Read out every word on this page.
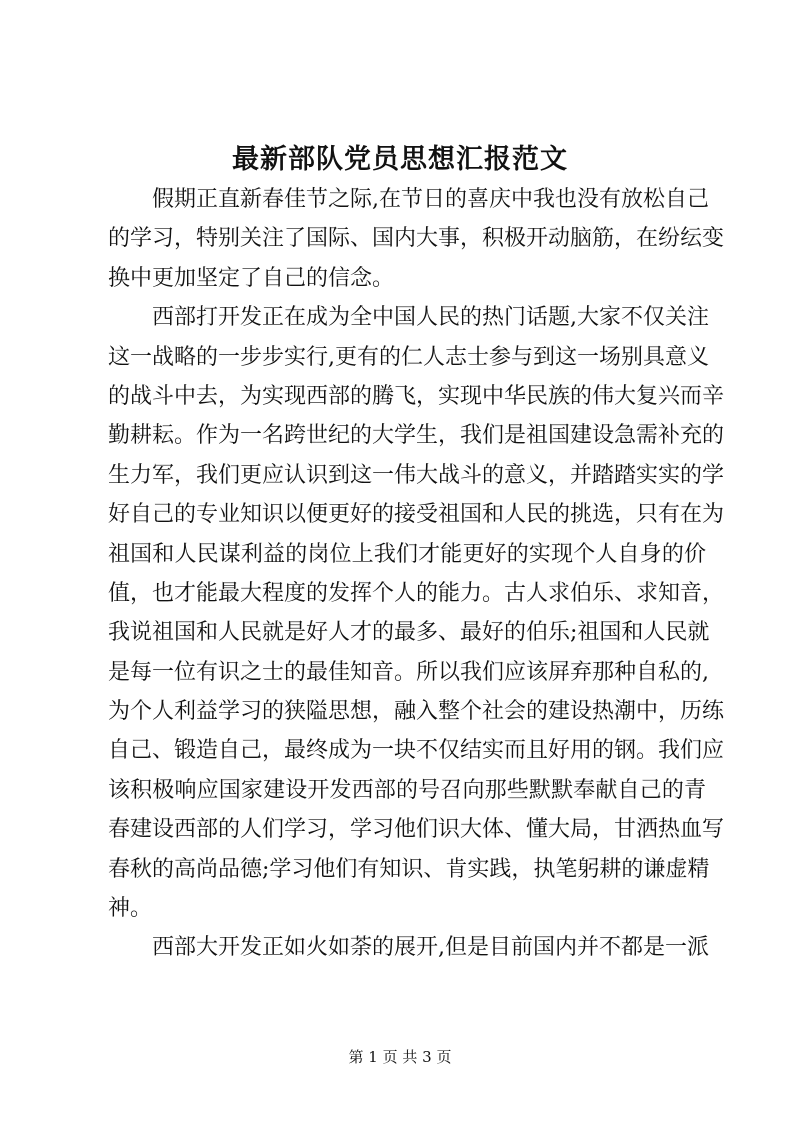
最新部队党员思想汇报范文
假期正直新春佳节之际,在节日的喜庆中我也没有放松自己
的学习，特别关注了国际、国内大事，积极开动脑筋，在纷纭变
换中更加坚定了自己的信念。
西部打开发正在成为全中国人民的热门话题,大家不仅关注
这一战略的一步步实行,更有的仁人志士参与到这一场别具意义
的战斗中去，为实现西部的腾飞，实现中华民族的伟大复兴而辛
勤耕耘。作为一名跨世纪的大学生，我们是祖国建设急需补充的
生力军，我们更应认识到这一伟大战斗的意义，并踏踏实实的学
好自己的专业知识以便更好的接受祖国和人民的挑选，只有在为
祖国和人民谋利益的岗位上我们才能更好的实现个人自身的价
值，也才能最大程度的发挥个人的能力。古人求伯乐、求知音，
我说祖国和人民就是好人才的最多、最好的伯乐;祖国和人民就
是每一位有识之士的最佳知音。所以我们应该屏弃那种自私的,
为个人利益学习的狭隘思想，融入整个社会的建设热潮中，历练
自己、锻造自己，最终成为一块不仅结实而且好用的钢。我们应
该积极响应国家建设开发西部的号召向那些默默奉献自己的青
春建设西部的人们学习，学习他们识大体、懂大局，甘洒热血写
春秋的高尚品德;学习他们有知识、肯实践，执笔躬耕的谦虚精
神。
西部大开发正如火如荼的展开,但是目前国内并不都是一派
第 1 页 共 3 页
